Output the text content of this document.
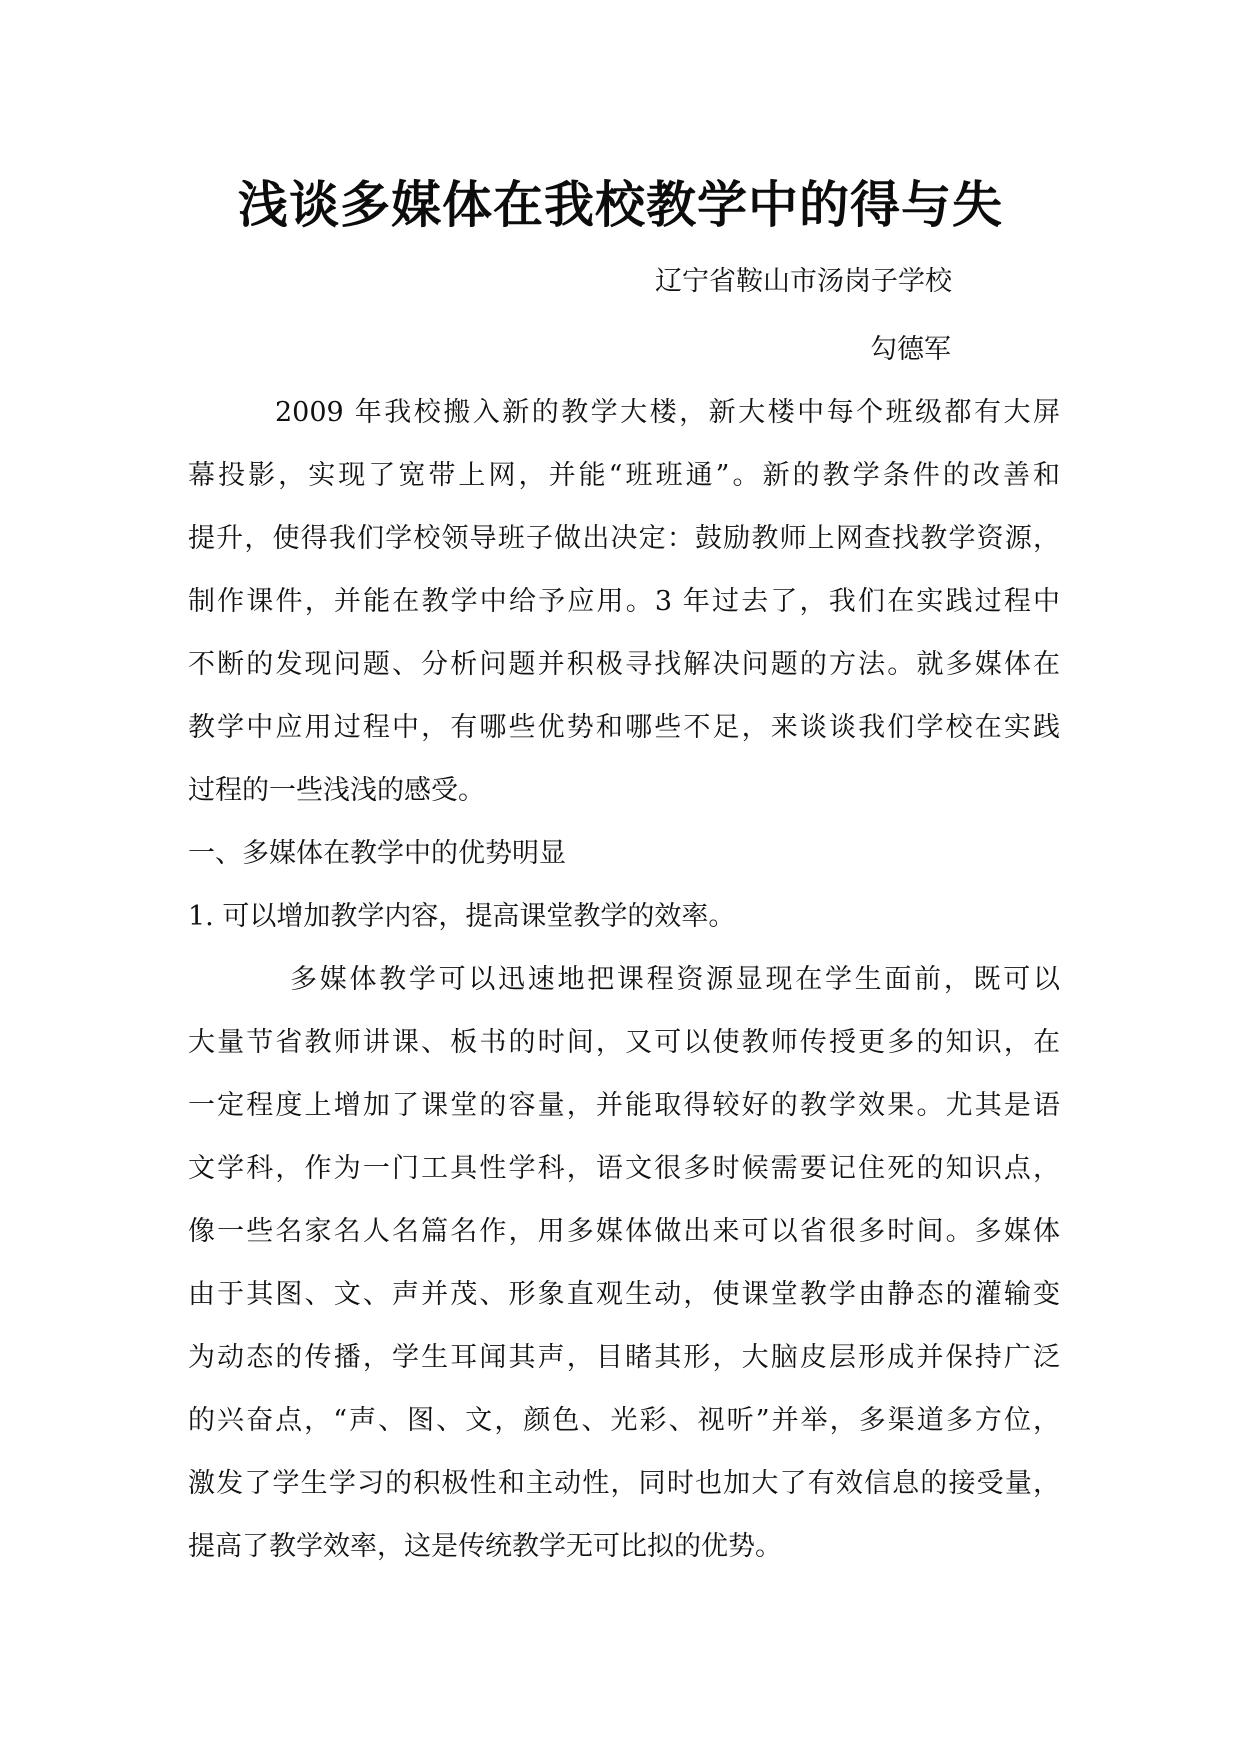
浅谈多媒体在我校教学中的得与失

辽宁省鞍山市汤岗子学校

勾德军

2009 年我校搬入新的教学大楼，新大楼中每个班级都有大屏

幕投影，实现了宽带上网，并能“班班通”。新的教学条件的改善和

提升，使得我们学校领导班子做出决定：鼓励教师上网查找教学资源，

制作课件，并能在教学中给予应用。3 年过去了，我们在实践过程中

不断的发现问题、分析问题并积极寻找解决问题的方法。就多媒体在

教学中应用过程中，有哪些优势和哪些不足，来谈谈我们学校在实践

过程的一些浅浅的感受。

一、多媒体在教学中的优势明显

1. 可以增加教学内容，提高课堂教学的效率。

多媒体教学可以迅速地把课程资源显现在学生面前，既可以

大量节省教师讲课、板书的时间，又可以使教师传授更多的知识，在

一定程度上增加了课堂的容量，并能取得较好的教学效果。尤其是语

文学科，作为一门工具性学科，语文很多时候需要记住死的知识点，

像一些名家名人名篇名作，用多媒体做出来可以省很多时间。多媒体

由于其图、文、声并茂、形象直观生动，使课堂教学由静态的灌输变

为动态的传播，学生耳闻其声，目睹其形，大脑皮层形成并保持广泛

的兴奋点，“声、图、文，颜色、光彩、视听”并举，多渠道多方位，

激发了学生学习的积极性和主动性，同时也加大了有效信息的接受量，

提高了教学效率，这是传统教学无可比拟的优势。
